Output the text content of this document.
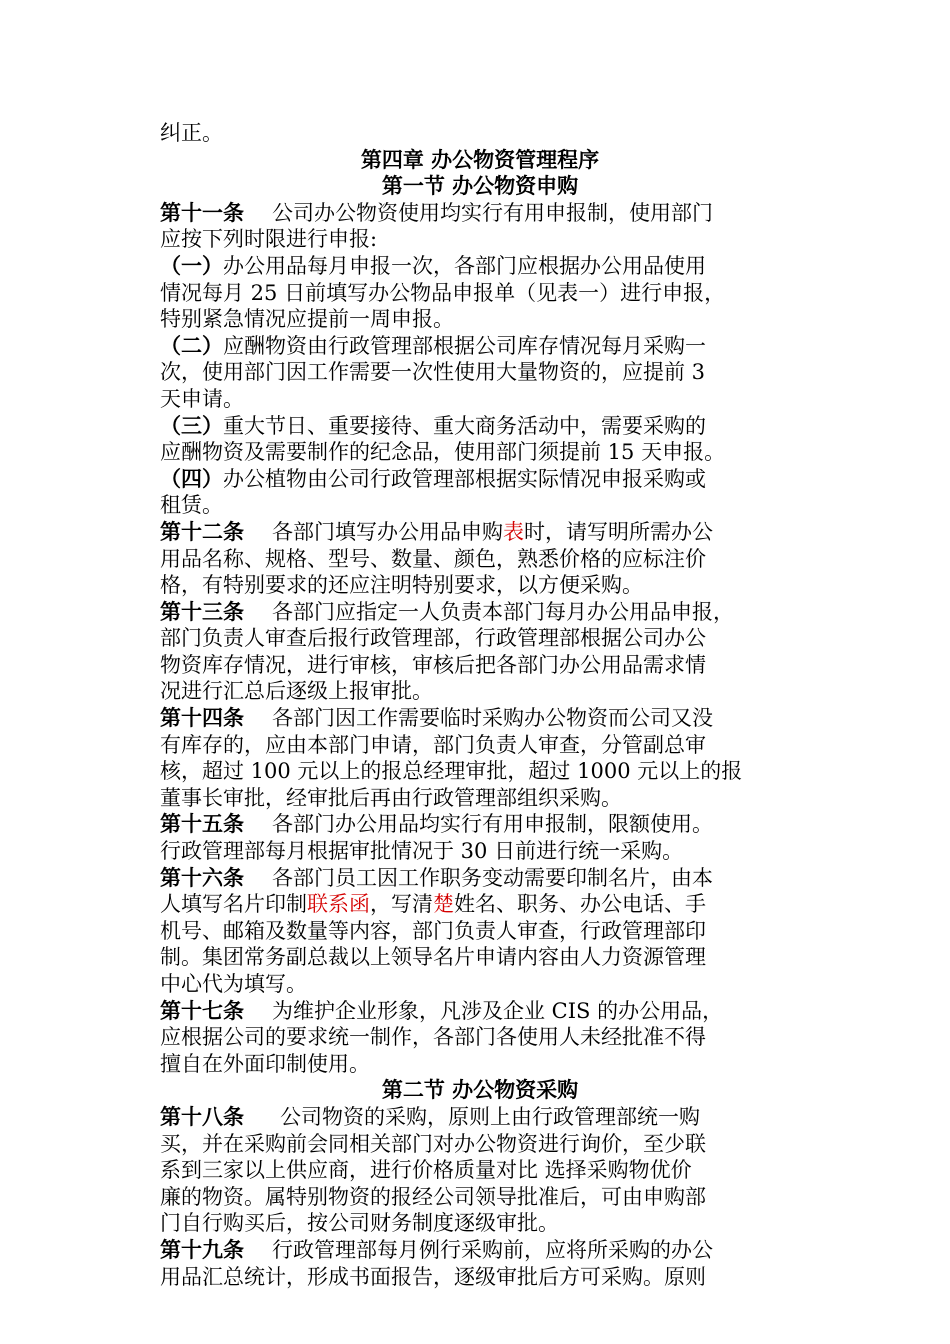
纠正。
第四章 办公物资管理程序
第一节 办公物资申购
第十一条 公司办公物资使用均实行有用申报制，使用部门
应按下列时限进行申报:
（一）办公用品每月申报一次，各部门应根据办公用品使用
情况每月 25 日前填写办公物品申报单（见表一）进行申报，
特别紧急情况应提前一周申报。
（二）应酬物资由行政管理部根据公司库存情况每月采购一
次，使用部门因工作需要一次性使用大量物资的，应提前 3
天申请。
（三）重大节日、重要接待、重大商务活动中，需要采购的
应酬物资及需要制作的纪念品，使用部门须提前 15 天申报。
（四）办公植物由公司行政管理部根据实际情况申报采购或
租赁。
第十二条 各部门填写办公用品申购表时，请写明所需办公
用品名称、规格、型号、数量、颜色，熟悉价格的应标注价
格，有特别要求的还应注明特别要求，以方便采购。
第十三条 各部门应指定一人负责本部门每月办公用品申报，
部门负责人审查后报行政管理部，行政管理部根据公司办公
物资库存情况，进行审核，审核后把各部门办公用品需求情
况进行汇总后逐级上报审批。
第十四条 各部门因工作需要临时采购办公物资而公司又没
有库存的，应由本部门申请，部门负责人审查，分管副总审
核，超过 100 元以上的报总经理审批，超过 1000 元以上的报
董事长审批，经审批后再由行政管理部组织采购。
第十五条 各部门办公用品均实行有用申报制，限额使用。
行政管理部每月根据审批情况于 30 日前进行统一采购。
第十六条 各部门员工因工作职务变动需要印制名片，由本
人填写名片印制联系函，写清楚姓名、职务、办公电话、手
机号、邮箱及数量等内容，部门负责人审查，行政管理部印
制。集团常务副总裁以上领导名片申请内容由人力资源管理
中心代为填写。
第十七条 为维护企业形象，凡涉及企业 CIS 的办公用品，
应根据公司的要求统一制作，各部门各使用人未经批准不得
擅自在外面印制使用。
第二节 办公物资采购
第十八条 公司物资的采购，原则上由行政管理部统一购
买，并在采购前会同相关部门对办公物资进行询价，至少联
系到三家以上供应商，进行价格质量对比 选择采购物优价
廉的物资。属特别物资的报经公司领导批准后，可由申购部
门自行购买后，按公司财务制度逐级审批。
第十九条 行政管理部每月例行采购前，应将所采购的办公
用品汇总统计，形成书面报告，逐级审批后方可采购。原则
